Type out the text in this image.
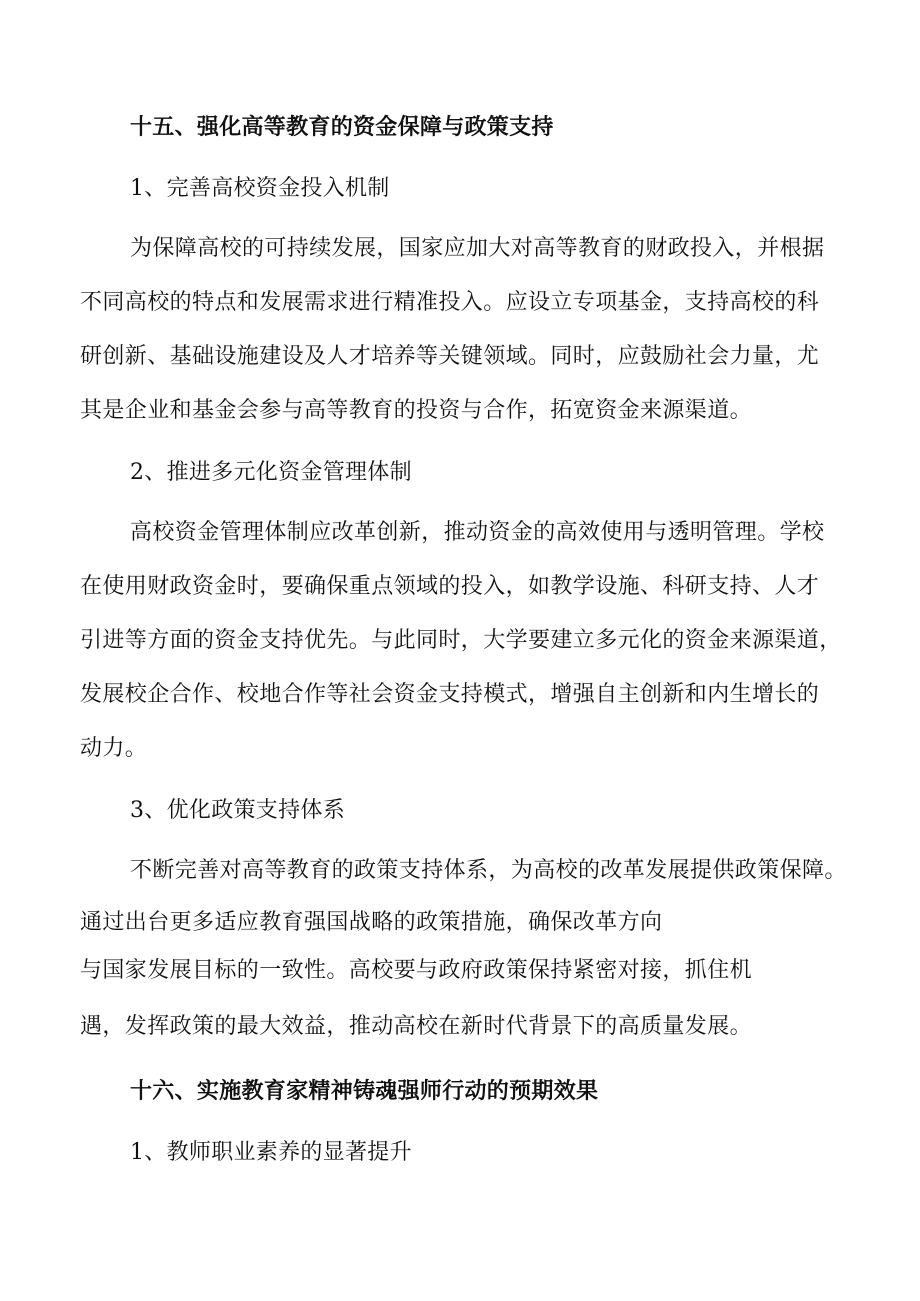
十五、强化高等教育的资金保障与政策支持
1、完善高校资金投入机制
为保障高校的可持续发展，国家应加大对高等教育的财政投入，并根据
不同高校的特点和发展需求进行精准投入。应设立专项基金，支持高校的科
研创新、基础设施建设及人才培养等关键领域。同时，应鼓励社会力量，尤
其是企业和基金会参与高等教育的投资与合作，拓宽资金来源渠道。
2、推进多元化资金管理体制
高校资金管理体制应改革创新，推动资金的高效使用与透明管理。学校
在使用财政资金时，要确保重点领域的投入，如教学设施、科研支持、人才
引进等方面的资金支持优先。与此同时，大学要建立多元化的资金来源渠道，
发展校企合作、校地合作等社会资金支持模式，增强自主创新和内生增长的
动力。
3、优化政策支持体系
不断完善对高等教育的政策支持体系，为高校的改革发展提供政策保障。
通过出台更多适应教育强国战略的政策措施，确保改革方向
与国家发展目标的一致性。高校要与政府政策保持紧密对接，抓住机
遇，发挥政策的最大效益，推动高校在新时代背景下的高质量发展。
十六、实施教育家精神铸魂强师行动的预期效果
1、教师职业素养的显著提升
